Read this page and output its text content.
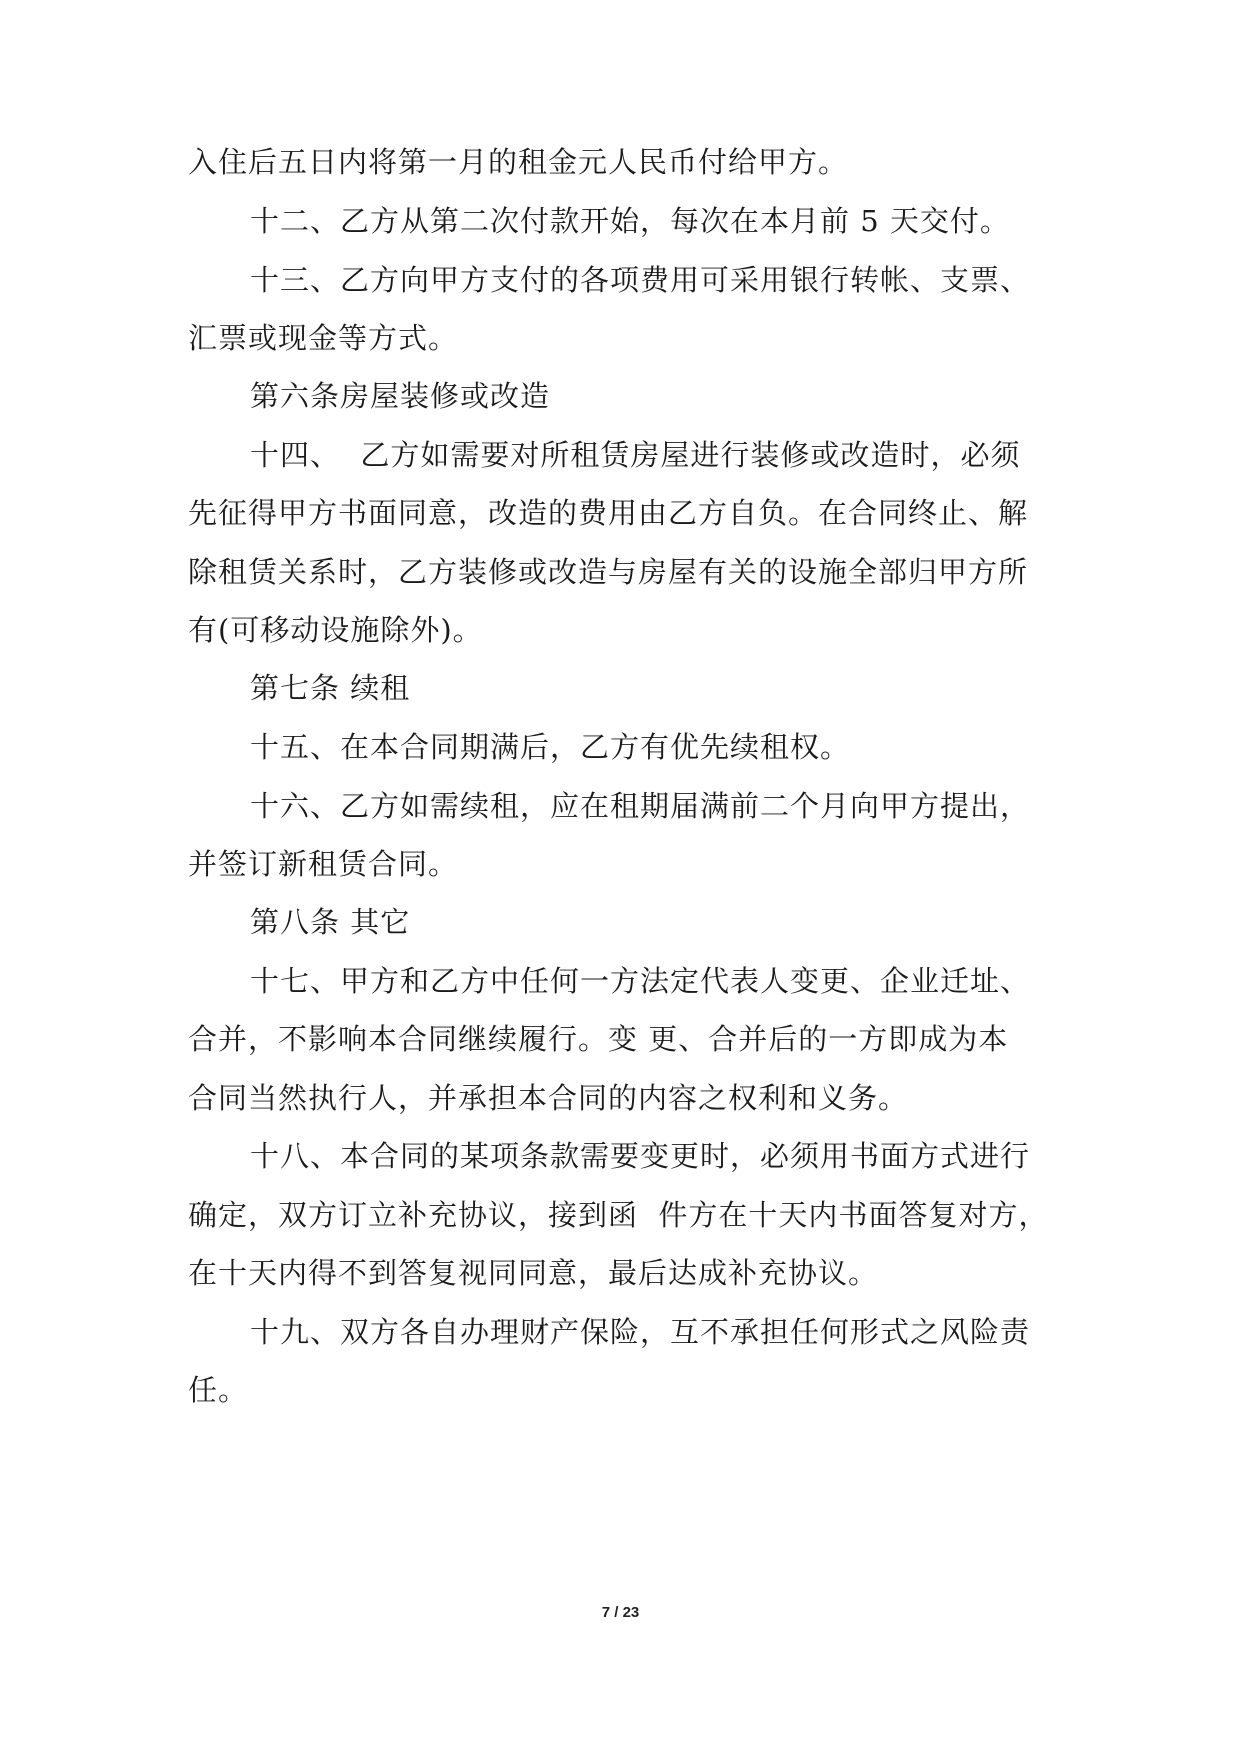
入住后五日内将第一月的租金元人民币付给甲方。

十二、乙方从第二次付款开始，每次在本月前 5 天交付。

十三、乙方向甲方支付的各项费用可采用银行转帐、支票、

汇票或现金等方式。

第六条房屋装修或改造

十四、  乙方如需要对所租赁房屋进行装修或改造时，必须

先征得甲方书面同意，改造的费用由乙方自负。在合同终止、解

除租赁关系时，乙方装修或改造与房屋有关的设施全部归甲方所

有(可移动设施除外)。

第七条 续租

十五、在本合同期满后，乙方有优先续租权。

十六、乙方如需续租，应在租期届满前二个月向甲方提出，

并签订新租赁合同。

第八条 其它

十七、甲方和乙方中任何一方法定代表人变更、企业迁址、

合并，不影响本合同继续履行。变 更、合并后的一方即成为本

合同当然执行人，并承担本合同的内容之权利和义务。

十八、本合同的某项条款需要变更时，必须用书面方式进行

确定，双方订立补充协议，接到函  件方在十天内书面答复对方，

在十天内得不到答复视同同意，最后达成补充协议。

十九、双方各自办理财产保险，互不承担任何形式之风险责

任。

7 / 23
